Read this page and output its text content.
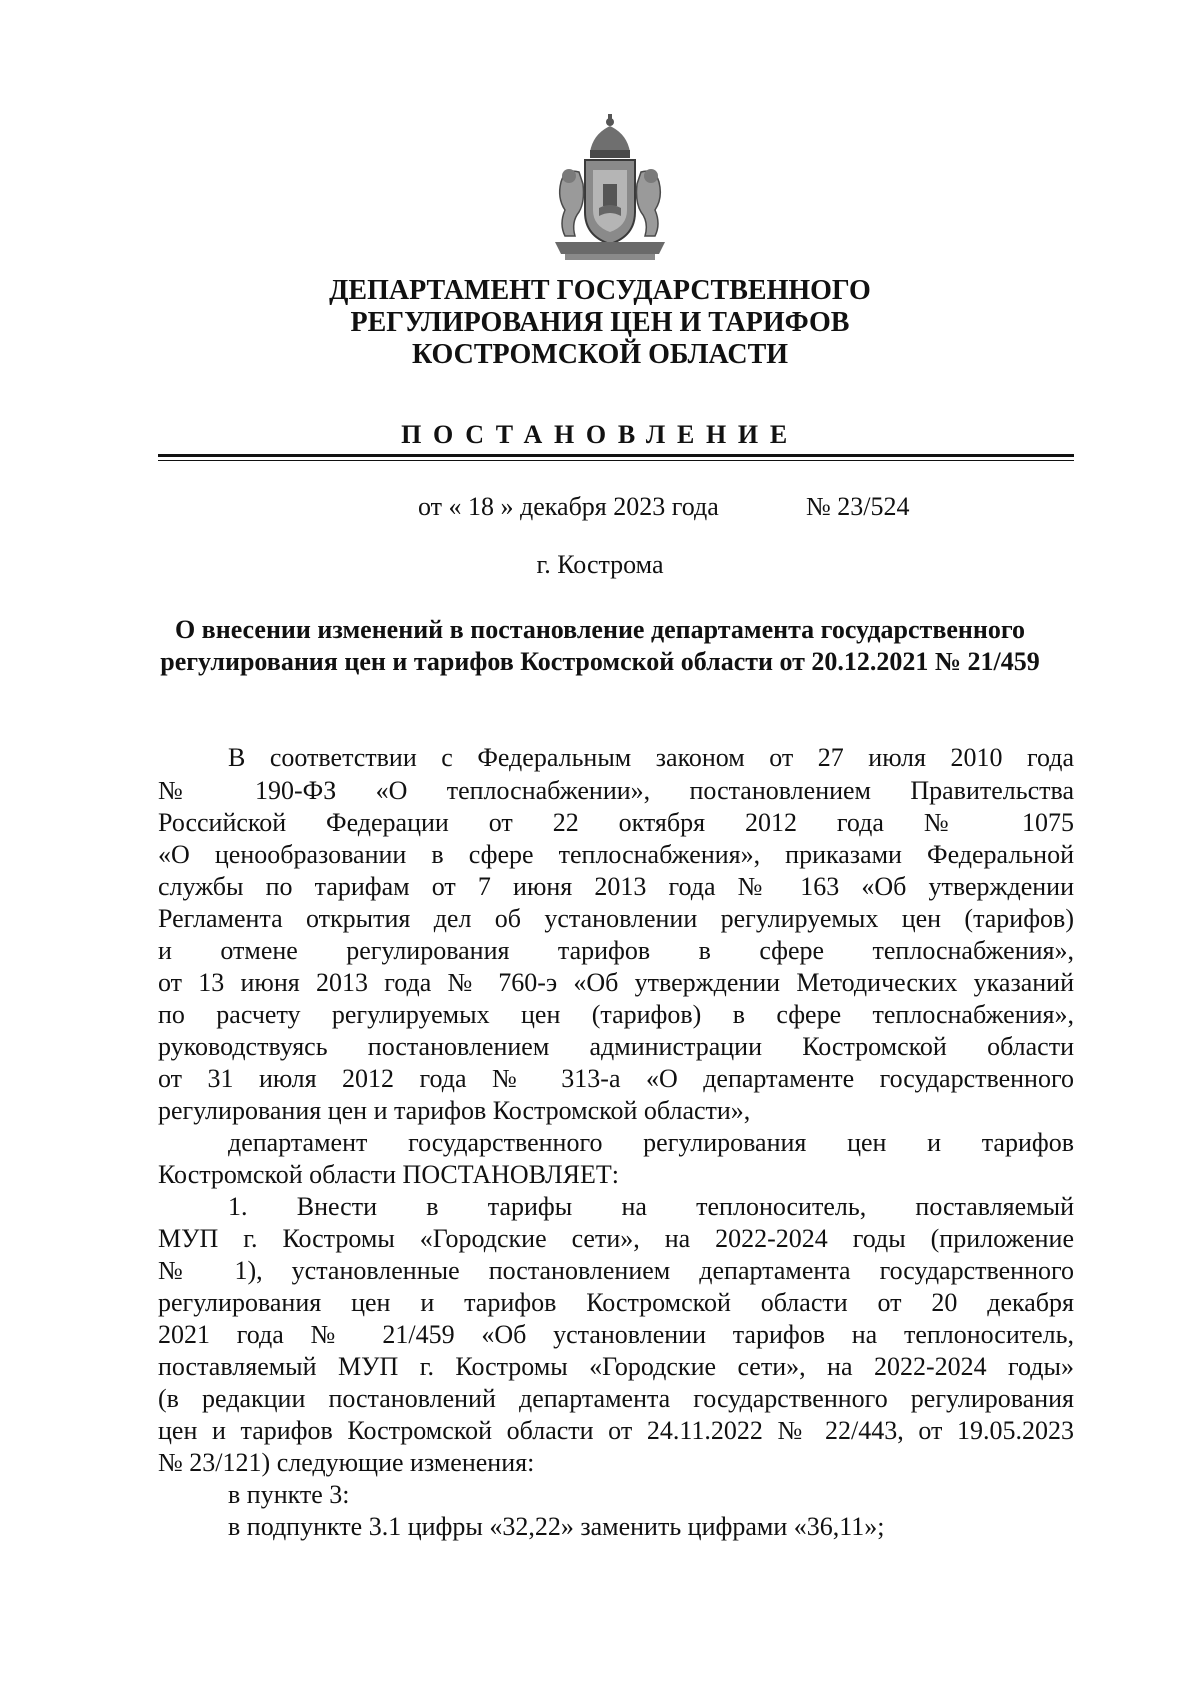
ДЕПАРТАМЕНТ ГОСУДАРСТВЕННОГО
РЕГУЛИРОВАНИЯ ЦЕН И ТАРИФОВ
КОСТРОМСКОЙ ОБЛАСТИ
ПОСТАНОВЛЕНИЕ
от « 18 » декабря 2023 года	№ 23/524
г. Кострома
О внесении изменений в постановление департамента государственного
регулирования цен и тарифов Костромской области от 20.12.2021 № 21/459
В соответствии с Федеральным законом от 27 июля 2010 года
№ 190-ФЗ «О теплоснабжении», постановлением Правительства
Российской Федерации от 22 октября 2012 года № 1075
«О ценообразовании в сфере теплоснабжения», приказами Федеральной
службы по тарифам от 7 июня 2013 года № 163 «Об утверждении
Регламента открытия дел об установлении регулируемых цен (тарифов)
и отмене регулирования тарифов в сфере теплоснабжения»,
от 13 июня 2013 года № 760-э «Об утверждении Методических указаний
по расчету регулируемых цен (тарифов) в сфере теплоснабжения»,
руководствуясь постановлением администрации Костромской области
от 31 июля 2012 года № 313-а «О департаменте государственного
регулирования цен и тарифов Костромской области»,
департамент государственного регулирования цен и тарифов
Костромской области ПОСТАНОВЛЯЕТ:
1. Внести в тарифы на теплоноситель, поставляемый
МУП г. Костромы «Городские сети», на 2022-2024 годы (приложение
№ 1), установленные постановлением департамента государственного
регулирования цен и тарифов Костромской области от 20 декабря
2021 года № 21/459 «Об установлении тарифов на теплоноситель,
поставляемый МУП г. Костромы «Городские сети», на 2022-2024 годы»
(в редакции постановлений департамента государственного регулирования
цен и тарифов Костромской области от 24.11.2022 № 22/443, от 19.05.2023
№ 23/121) следующие изменения:
в пункте 3:
в подпункте 3.1 цифры «32,22» заменить цифрами «36,11»;
